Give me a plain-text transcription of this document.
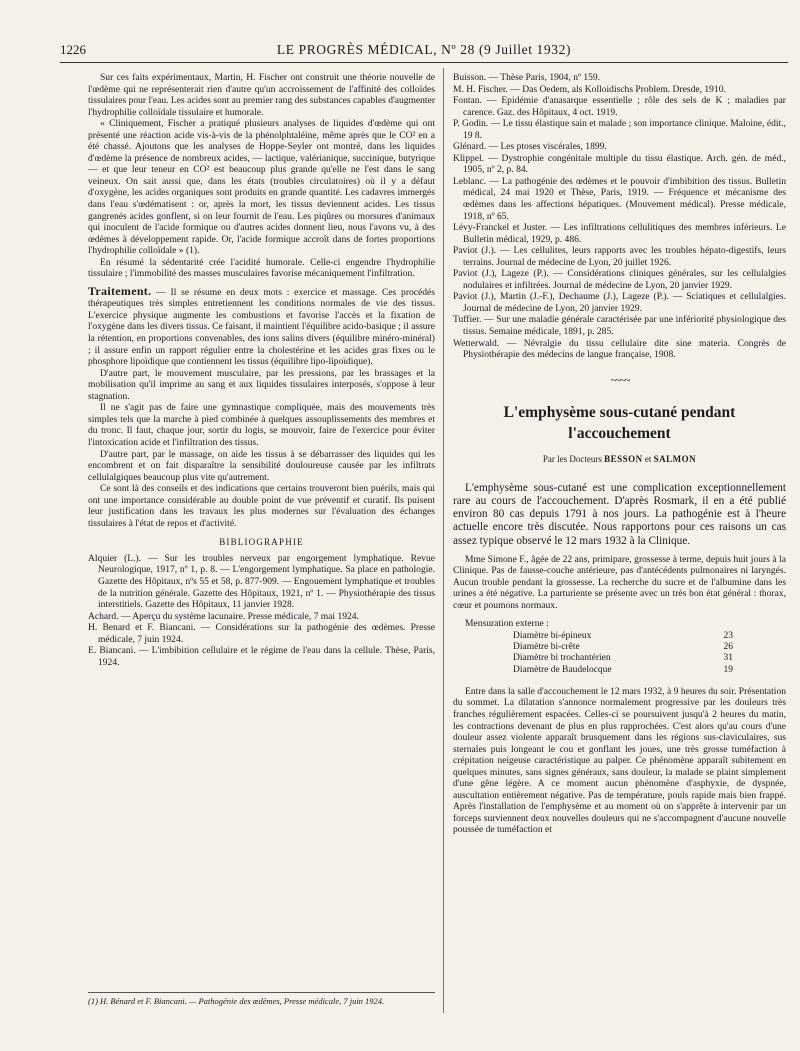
1226	LE PROGRÈS MÉDICAL, Nº 28 (9 Juillet 1932)

Sur ces faits expérimentaux, Martin, H. Fischer ont construit une théorie nouvelle de l'œdème qui ne représenterait rien d'autre qu'un accroissement de l'affinité des colloïdes tissulaires pour l'eau. Les acides sont au premier rang des substances capables d'augmenter l'hydrophilie colloïdale tissulaire et humorale.

« Cliniquement, Fischer a pratiqué plusieurs analyses de liquides d'œdème qui ont présenté une réaction acide vis-à-vis de la phénolphtaléine, même après que le CO² en a été chassé. Ajoutons que les analyses de Hoppe-Seyler ont montré, dans les liquides d'œdème la présence de nombreux acides, — lactique, valérianique, succinique, butyrique — et que leur teneur en CO² est beaucoup plus grande qu'elle ne l'est dans le sang veineux. On sait aussi que, dans les états (troubles circulatoires) où il y a défaut d'oxygène, les acides organiques sont produits en grande quantité. Les cadavres immergés dans l'eau s'œdématisent : or, après la mort, les tissus deviennent acides. Les tissus gangrenés acides gonflent, si on leur fournit de l'eau. Les piqûres ou morsures d'animaux qui inoculent de l'acide formique ou d'autres acides donnent lieu, nous l'avons vu, à des œdèmes à développement rapide. Or, l'acide formique accroît dans de fortes proportions l'hydrophilie colloïdale » (1).

En résumé la sédentarité crée l'acidité humorale. Celle-ci engendre l'hydrophilie tissulaire ; l'immobilité des masses musculaires favorise mécaniquement l'infiltration.

Traitement. — Il se résume en deux mots : exercice et massage. Ces procédés thérapeutiques très simples entretiennent les conditions normales de vie des tissus. L'exercice physique augmente les combustions et favorise l'accès et la fixation de l'oxygène dans les divers tissus. Ce faisant, il maintient l'équilibre acido-basique ; il assure la rétention, en proportions convenables, des ions salins divers (équilibre minéro-minéral) ; il assure enfin un rapport régulier entre la cholestérine et les acides gras fixes ou le phosphore lipoïdique que contiennent les tissus (équilibre lipo-lipoïdique).

D'autre part, le mouvement musculaire, par les pressions, par les brassages et la mobilisation qu'il imprime au sang et aux liquides tissulaires interposés, s'oppose à leur stagnation.

Il ne s'agit pas de faire une gymnastique compliquée, mais des mouvements très simples tels que la marche à pied combinée à quelques assouplissements des membres et du tronc. Il faut, chaque jour, sortir du logis, se mouvoir, faire de l'exercice pour éviter l'intoxication acide et l'infiltration des tissus.

D'autre part, par le massage, on aide les tissus à se débarrasser des liquides qui les encombrent et on fait disparaître la sensibilité douloureuse causée par les infiltrats cellulalgiques beaucoup plus vite qu'autrement.

Ce sont là des conseils et des indications que certains trouveront bien puérils, mais qui ont une importance considérable au double point de vue préventif et curatif. Ils puisent leur justification dans les travaux les plus modernes sur l'évaluation des échanges tissulaires à l'état de repos et d'activité.

BIBLIOGRAPHIE

Alquier (L.). — Sur les troubles nerveux par engorgement lymphatique. Revue Neurologique, 1917, nº 1, p. 8. — L'engorgement lymphatique. Sa place en pathologie. Gazette des Hôpitaux, nºs 55 et 58, p. 877-909. — Engouement lymphatique et troubles de la nutrition générale. Gazette des Hôpitaux, 1921, nº 1. — Physiothérapie des tissus interstitiels. Gazette des Hôpitaux, 11 janvier 1928.

Achard. — Aperçu du système lacunaire. Presse médicale, 7 mai 1924.

H. Benard et F. Biancani. — Considérations sur la pathogénie des œdèmes. Presse médicale, 7 juin 1924.

E. Biancani. — L'imbibition cellulaire et le régime de l'eau dans la cellule. Thèse, Paris, 1924.

(1) H. Bénard et F. Biancani. — Pathogénie des œdèmes, Presse médicale, 7 juin 1924.

Buisson. — Thèse Paris, 1904, nº 159.

M. H. Fischer. — Das Oedem, als Kolloidischs Problem. Dresde, 1910.

Fontan. — Epidémie d'anasarque essentielle ; rôle des sels de K ; maladies par carence. Gaz. des Hôpitaux, 4 oct. 1919.

P. Godin. — Le tissu élastique sain et malade ; son importance clinique. Maloine, édit., 19 8.

Glénard. — Les ptoses viscérales, 1899.

Klippel. — Dystrophie congénitale multiple du tissu élastique. Arch. gén. de méd., 1905, nº 2, p. 84.

Leblanc. — La pathogénie des œdèmes et le pouvoir d'imbibition des tissus. Bulletin médical, 24 mai 1920 et Thèse, Paris, 1919. — Fréquence et mécanisme des œdèmes dans les affections hépatiques. (Mouvement médical). Presse médicale, 1918, nº 65.

Lévy-Franckel et Juster. — Les infiltrations cellulitiques des membres inférieurs. Le Bulletin médical, 1929, p. 486.

Paviot (J.). — Les cellulites, leurs rapports avec les troubles hépato-digestifs, leurs terrains. Journal de médecine de Lyon, 20 juillet 1926.

Paviot (J.), Lageze (P.). — Considérations cliniques générales, sur les cellulalgies nodulaires et infiltrées. Journal de médecine de Lyon, 20 janvier 1929.

Paviot (J.), Martin (J.-F.), Dechaume (J.), Lageze (P.). — Sciatiques et cellulalgies. Journal de médecine de Lyon, 20 janvier 1929.

Tuffier. — Sur une maladie générale caractérisée par une infériorité physiologique des tissus. Semaine médicale, 1891, p. 285.

Wetterwald. — Névralgie du tissu cellulaire dite sine materia. Congrès de Physiothérapie des médecins de langue française, 1908.

~~~~
L'emphysème sous-cutané pendant l'accouchement
Par les Docteurs BESSON et SALMON

L'emphysème sous-cutané est une complication exceptionnellement rare au cours de l'accouchement. D'après Rosmark, il en a été publié environ 80 cas depuis 1791 à nos jours. La pathogénie est à l'heure actuelle encore très discutée. Nous rapportons pour ces raisons un cas assez typique observé le 12 mars 1932 à la Clinique.

Mme Simone F., âgée de 22 ans, primipare, grossesse à terme, depuis huit jours à la Clinique. Pas de fausse-couche antérieure, pas d'antécédents pulmonaires ni laryngés. Aucun trouble pendant la grossesse. La recherche du sucre et de l'albumine dans les urines a été négative. La parturiente se présente avec un très bon état général : thorax, cœur et poumons normaux.

Mensuration externe :

Diamètre bi-épineux	23
Diamètre bi-crête	26
Diamètre bi trochantérien	31
Diamètre de Baudelocque	19

Entre dans la salle d'accouchement le 12 mars 1932, à 9 heures du soir. Présentation du sommet. La dilatation s'annonce normalement progressive par les douleurs très franches régulièrement espacées. Celles-ci se poursuivent jusqu'à 2 heures du matin, les contractions devenant de plus en plus rapprochées. C'est alors qu'au cours d'une douleur assez violente apparaît brusquement dans les régions sus-claviculaires, sus sternales puis longeant le cou et gonflant les joues, une très grosse tuméfaction à crépitation neigeuse caractéristique au palper. Ce phénomène apparaît subitement en quelques minutes, sans signes généraux, sans douleur, la malade se plaint simplement d'une gêne légère. A ce moment aucun phénomène d'asphyxie, de dyspnée, auscultation entièrement négative. Pas de température, pouls rapide mais bien frappé. Après l'installation de l'emphysème et au moment où on s'apprête à intervenir par un forceps surviennent deux nouvelles douleurs qui ne s'accompagnent d'aucune nouvelle poussée de tuméfaction et
